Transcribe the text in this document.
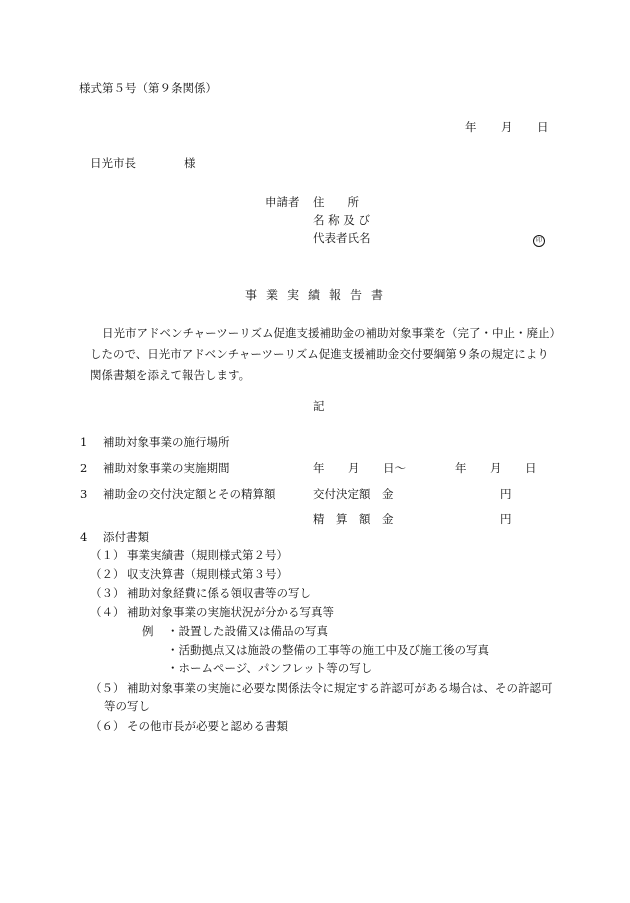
様式第５号（第９条関係）
年 月 日
日光市長	様
申請者 住　　所
名 称 及 び
代表者氏名	印
事業実績報告書
日光市アドベンチャーツーリズム促進支援補助金の補助対象事業を（完了・中止・廃止）したので、日光市アドベンチャーツーリズム促進支援補助金交付要綱第９条の規定により関係書類を添えて報告します。
記
1 補助対象事業の施行場所
2 補助対象事業の実施期間	年 月 日～	年 月 日
3 補助金の交付決定額とその精算額	交付決定額　金	円
精　算　額　金	円
4 添付書類
（１） 事業実績書（規則様式第２号）
（２） 収支決算書（規則様式第３号）
（３） 補助対象経費に係る領収書等の写し
（４） 補助対象事業の実施状況が分かる写真等
例 ・設置した設備又は備品の写真
・活動拠点又は施設の整備の工事等の施工中及び施工後の写真
・ホームページ、パンフレット等の写し
（５） 補助対象事業の実施に必要な関係法令に規定する許認可がある場合は、その許認可
等の写し
（６） その他市長が必要と認める書類
